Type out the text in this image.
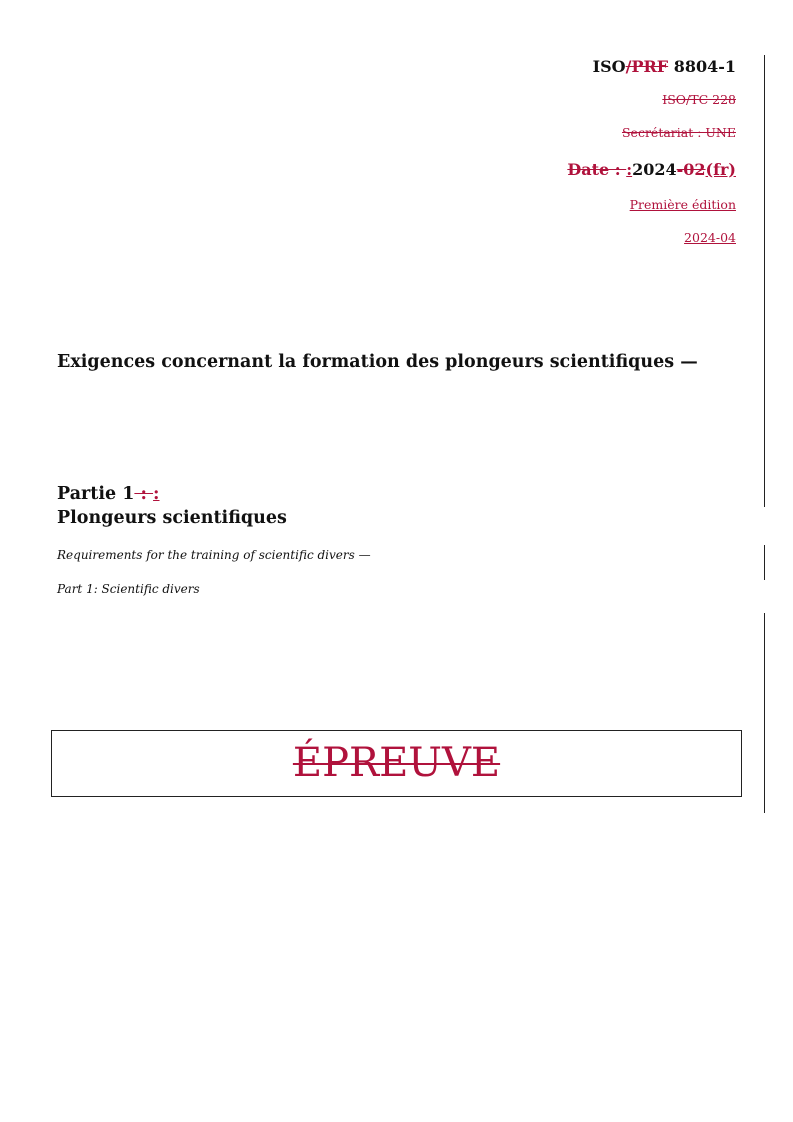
ISO/PRF 8804-1
ISO/TC 228
Secrétariat : UNE
Date : :2024-02(fr)
Première édition
2024-04
Exigences concernant la formation des plongeurs scientifiques —
Partie 1 : :
Plongeurs scientifiques
Requirements for the training of scientific divers —
Part 1: Scientific divers
ÉPREUVE
